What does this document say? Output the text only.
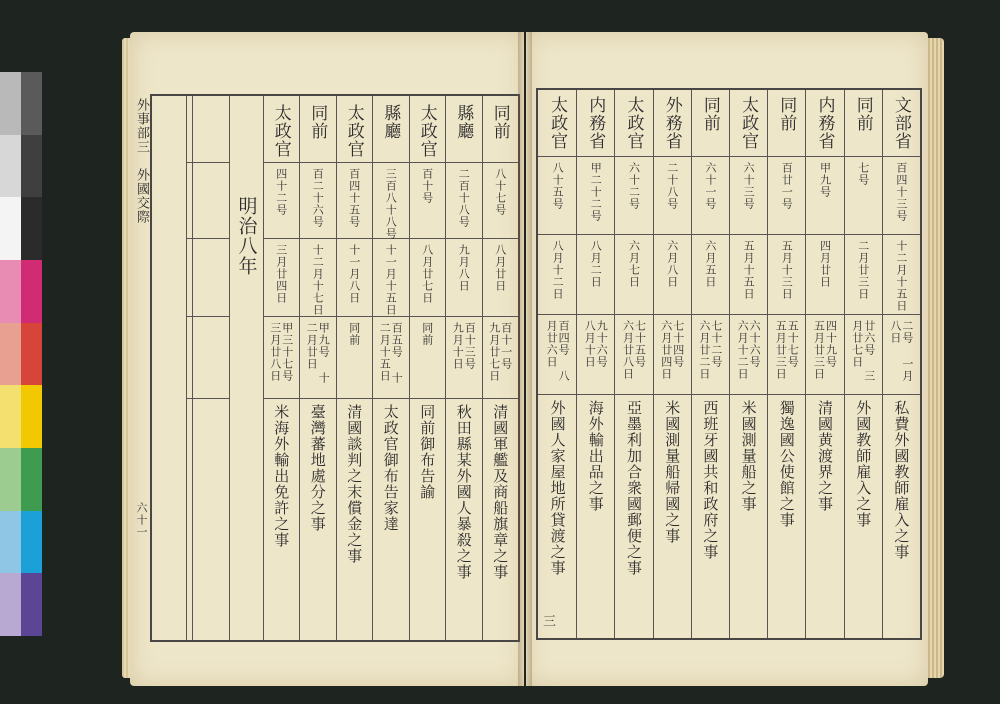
外事部三　外國交際
六十一
同前
八十七号
八月廿日
百十一号 九月廿七日
清國軍艦及商船旗章之事
縣廳
二百十八号
九月八日
百十三号 九月十日
秋田縣某外國人暴殺之事
太政官
百十号
八月廿七日
同前
同前御布告諭
縣廳
三百八十八号
十一月十五日
百五号 十二月十五日
太政官御布告家達
太政官
百四十五号
十一月八日
同前
清國談判之末償金之事
同前
百二十六号
十二月十七日
甲九号 十二月廿日
臺灣蕃地處分之事
太政官
四十二号
三月廿四日
甲三十七号 三月廿八日
米海外輸出免許之事
明治八年
文部省
百四十三号
十二月十五日
二号 一月八日
私費外國教師雇入之事
同前
七号
二月廿三日
廿六号 三月廿七日
外國教師雇入之事
内務省
甲九号
四月廿日
四十九号 五月廿三日
清國黄渡界之事
同前
百廿一号
五月十三日
五十七号 五月廿三日
獨逸國公使館之事
太政官
六十三号
五月十五日
六十六号 六月十二日
米國測量船之事
同前
六十一号
六月五日
七十二号 六月廿二日
西班牙國共和政府之事
外務省
二十八号
六月八日
七十四号 六月廿四日
米國測量船帰國之事
太政官
六十二号
六月七日
七十五号 六月廿八日
亞墨利加合衆國郵便之事
内務省
甲二十二号
八月二日
九十六号 八月十日
海外輸出品之事
太政官
八十五号
八月十二日
百四号 八月廿六日
外國人家屋地所貸渡之事
三
